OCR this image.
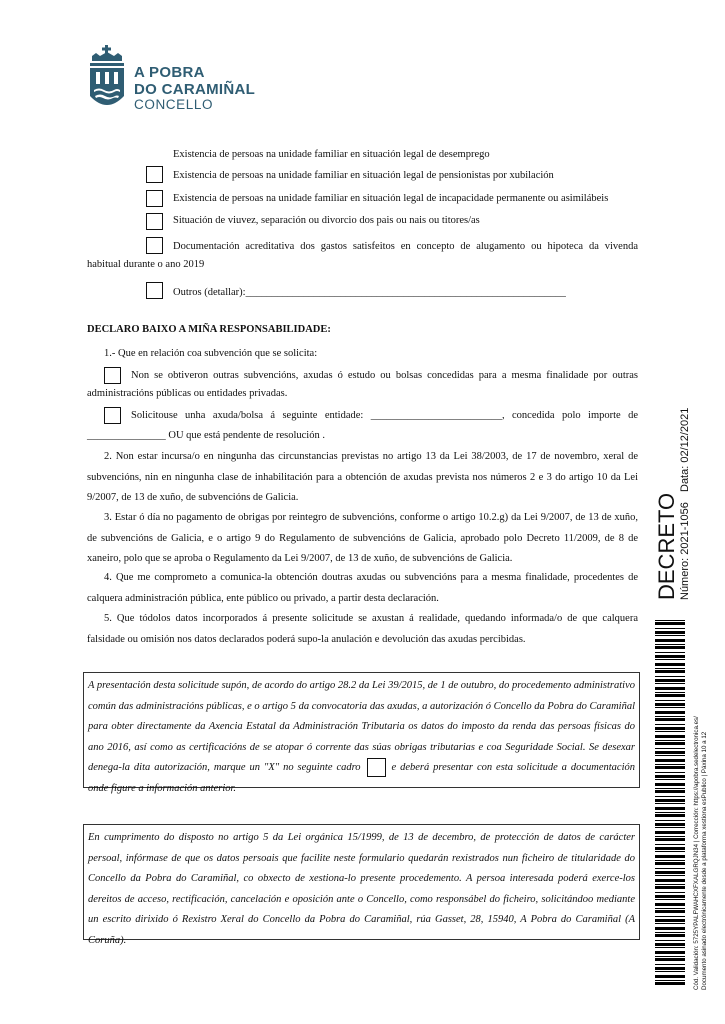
A POBRA
DO CARAMIÑAL
CONCELLO
Existencia de persoas na unidade familiar en situación legal de desemprego
Existencia de persoas na unidade familiar en situación legal de pensionistas por xubilación
Existencia de persoas na unidade familiar en situación legal de incapacidade permanente ou asimilábeis
Situación de viuvez, separación ou divorcio dos pais ou nais ou titores/as
Documentación acreditativa dos gastos satisfeitos en concepto de alugamento ou hipoteca da vivenda
habitual durante o ano 2019
Outros (detallar):_____________________________________________________________
DECLARO BAIXO A MIÑA RESPONSABILIDADE:
1.- Que en relación coa subvención que se solicita:
Non se obtiveron outras subvencións, axudas ó estudo ou bolsas concedidas para a mesma finalidade por outras
administracións públicas ou entidades privadas.
Solicitouse unha axuda/bolsa á seguinte entidade: _________________________, concedida polo importe de
_______________ OU que está pendente de resolución .
2. Non estar incursa/o en ningunha das circunstancias previstas no artigo 13 da Lei 38/2003, de 17 de novembro, xeral de subvencións, nin en ningunha clase de inhabilitación para a obtención de axudas prevista nos números 2 e 3 do artigo 10 da Lei 9/2007, de 13 de xuño, de subvencións de Galicia.
3. Estar ó día no pagamento de obrigas por reintegro de subvencións, conforme o artigo 10.2.g) da Lei 9/2007, de 13 de xuño, de subvencións de Galicia, e o artigo 9 do Regulamento de subvencións de Galicia, aprobado polo Decreto 11/2009, de 8 de xaneiro, polo que se aproba o Regulamento da Lei 9/2007, de 13 de xuño, de subvencións de Galicia.
4. Que me comprometo a comunica-la obtención doutras axudas ou subvencións para a mesma finalidade, procedentes de calquera administración pública, ente público ou privado, a partir desta declaración.
5. Que tódolos datos incorporados á presente solicitude se axustan á realidade, quedando informada/o de que calquera falsidade ou omisión nos datos declarados poderá supo-la anulación e devolución das axudas percibidas.
A presentación desta solicitude supón, de acordo do artigo 28.2 da Lei 39/2015, de 1 de outubro, do procedemento administrativo común das administracións públicas, e o artigo 5 da convocatoria das axudas, a autorización ó Concello da Pobra do Caramiñal para obter directamente da Axencia Estatal da Administración Tributaria os datos do imposto da renda das persoas físicas do ano 2016, así como as certificacións de se atopar ó corrente das súas obrigas tributarias e coa Seguridade Social. Se desexar denega-la dita autorización, marque un "X" no seguinte cadro	e deberá presentar con esta solicitude a documentación onde figure a información anterior.
En cumprimento do disposto no artigo 5 da Lei orgánica 15/1999, de 13 de decembro, de protección de datos de carácter persoal, infórmase de que os datos persoais que facilite neste formulario quedarán rexistrados nun ficheiro de titularidade do Concello da Pobra do Caramiñal, co obxecto de xestiona-lo presente procedemento. A persoa interesada poderá exerce-los dereitos de acceso, rectificación, cancelación e oposición ante o Concello, como responsábel do ficheiro, solicitándoo mediante un escrito dirixido ó Rexistro Xeral do Concello da Pobra do Caramiñal, rúa Gasset, 28, 15940, A Pobra do Caramiñal (A Coruña).
DECRETO Número: 2021-1056
Data: 02/12/2021
Cód. Validación: 5725YPALFWAHCXFXALGRQJN34 | Corrección: https://apobra.sedelectronica.es/ Documento asinado electrónicamente desde a plataforma xestiona esPublico | Páxina 10 a 12
